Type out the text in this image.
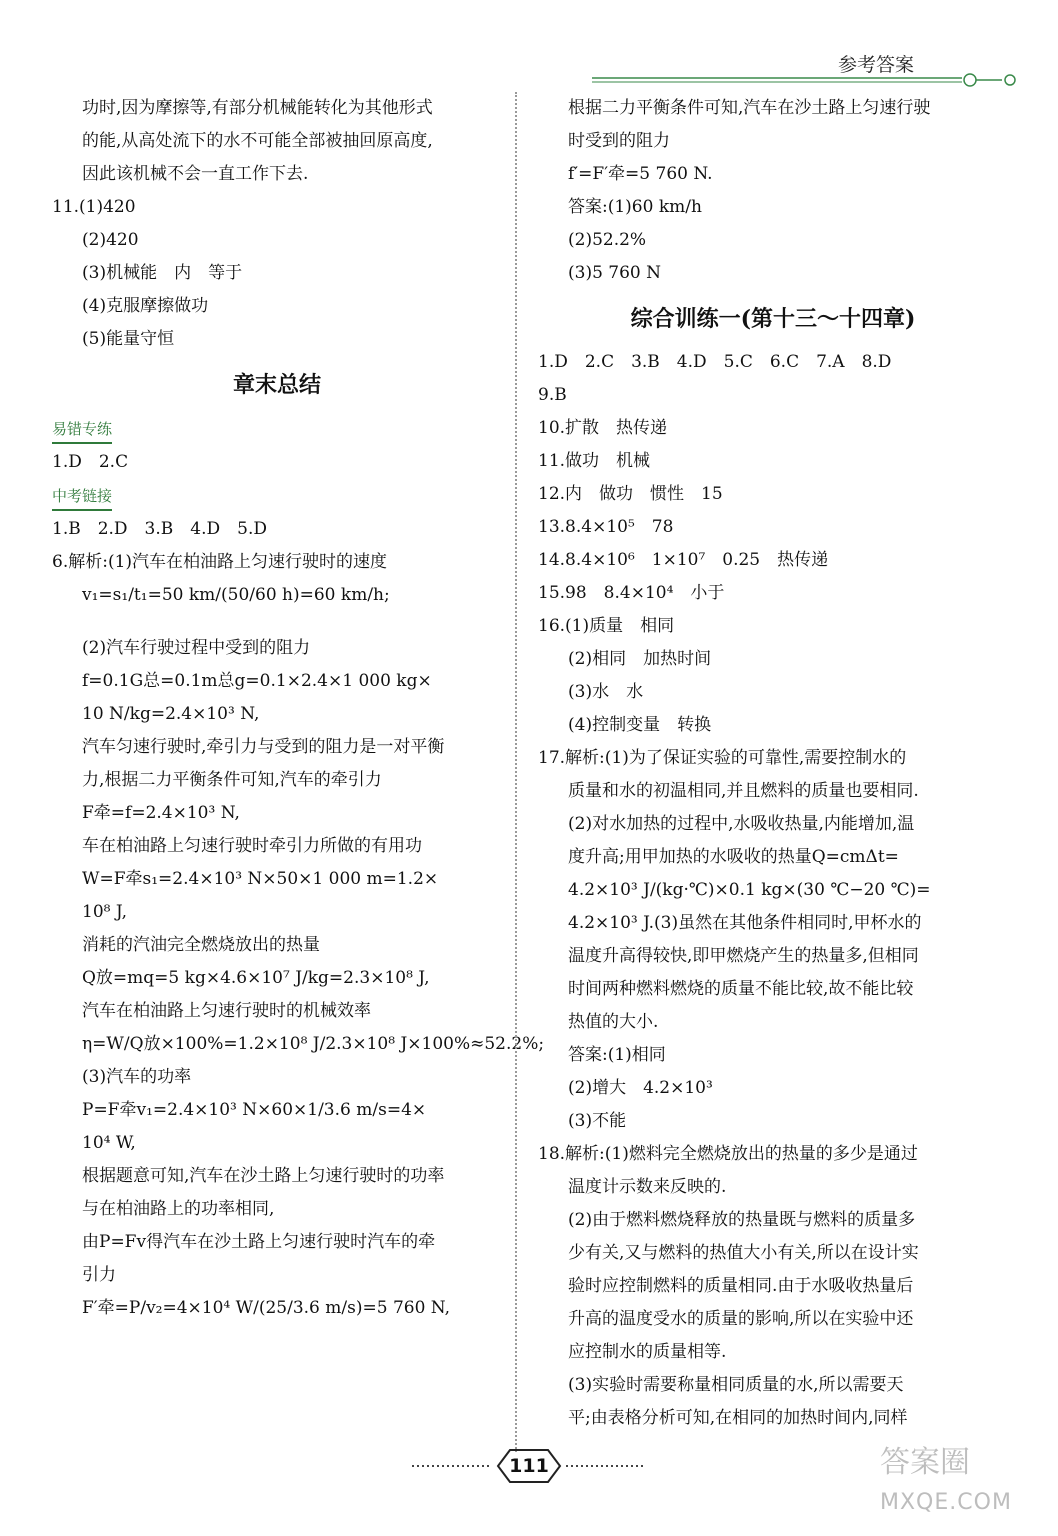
参考答案
功时,因为摩擦等,有部分机械能转化为其他形式
的能,从高处流下的水不可能全部被抽回原高度,
因此该机械不会一直工作下去.
11.(1)420
(2)420
(3)机械能　内　等于
(4)克服摩擦做功
(5)能量守恒
章末总结
易错专练
1.D　2.C
中考链接
1.B　2.D　3.B　4.D　5.D
6.解析:(1)汽车在柏油路上匀速行驶时的速度
v₁=s₁/t₁=50 km/(50/60 h)=60 km/h;
(2)汽车行驶过程中受到的阻力
f=0.1G总=0.1m总g=0.1×2.4×1 000 kg×
10 N/kg=2.4×10³ N,
汽车匀速行驶时,牵引力与受到的阻力是一对平衡
力,根据二力平衡条件可知,汽车的牵引力
F牵=f=2.4×10³ N,
车在柏油路上匀速行驶时牵引力所做的有用功
W=F牵s₁=2.4×10³ N×50×1 000 m=1.2×
10⁸ J,
消耗的汽油完全燃烧放出的热量
Q放=mq=5 kg×4.6×10⁷ J/kg=2.3×10⁸ J,
汽车在柏油路上匀速行驶时的机械效率
η=W/Q放×100%=1.2×10⁸ J/2.3×10⁸ J×100%≈52.2%;
(3)汽车的功率
P=F牵v₁=2.4×10³ N×60×1/3.6 m/s=4×
10⁴ W,
根据题意可知,汽车在沙土路上匀速行驶时的功率
与在柏油路上的功率相同,
由P=Fv得汽车在沙土路上匀速行驶时汽车的牵
引力
F′牵=P/v₂=4×10⁴ W/(25/3.6 m/s)=5 760 N,
根据二力平衡条件可知,汽车在沙土路上匀速行驶
时受到的阻力
f′=F′牵=5 760 N.
答案:(1)60 km/h
(2)52.2%
(3)5 760 N
综合训练一(第十三～十四章)
1.D　2.C　3.B　4.D　5.C　6.C　7.A　8.D
9.B
10.扩散　热传递
11.做功　机械
12.内　做功　惯性　15
13.8.4×10⁵　78
14.8.4×10⁶　1×10⁷　0.25　热传递
15.98　8.4×10⁴　小于
16.(1)质量　相同
(2)相同　加热时间
(3)水　水
(4)控制变量　转换
17.解析:(1)为了保证实验的可靠性,需要控制水的
质量和水的初温相同,并且燃料的质量也要相同.
(2)对水加热的过程中,水吸收热量,内能增加,温
度升高;用甲加热的水吸收的热量Q=cmΔt=
4.2×10³ J/(kg·℃)×0.1 kg×(30 ℃−20 ℃)=
4.2×10³ J.(3)虽然在其他条件相同时,甲杯水的
温度升高得较快,即甲燃烧产生的热量多,但相同
时间两种燃料燃烧的质量不能比较,故不能比较
热值的大小.
答案:(1)相同
(2)增大　4.2×10³
(3)不能
18.解析:(1)燃料完全燃烧放出的热量的多少是通过
温度计示数来反映的.
(2)由于燃料燃烧释放的热量既与燃料的质量多
少有关,又与燃料的热值大小有关,所以在设计实
验时应控制燃料的质量相同.由于水吸收热量后
升高的温度受水的质量的影响,所以在实验中还
应控制水的质量相等.
(3)实验时需要称量相同质量的水,所以需要天
平;由表格分析可知,在相同的加热时间内,同样
111	答案圈
MXQE.COM
